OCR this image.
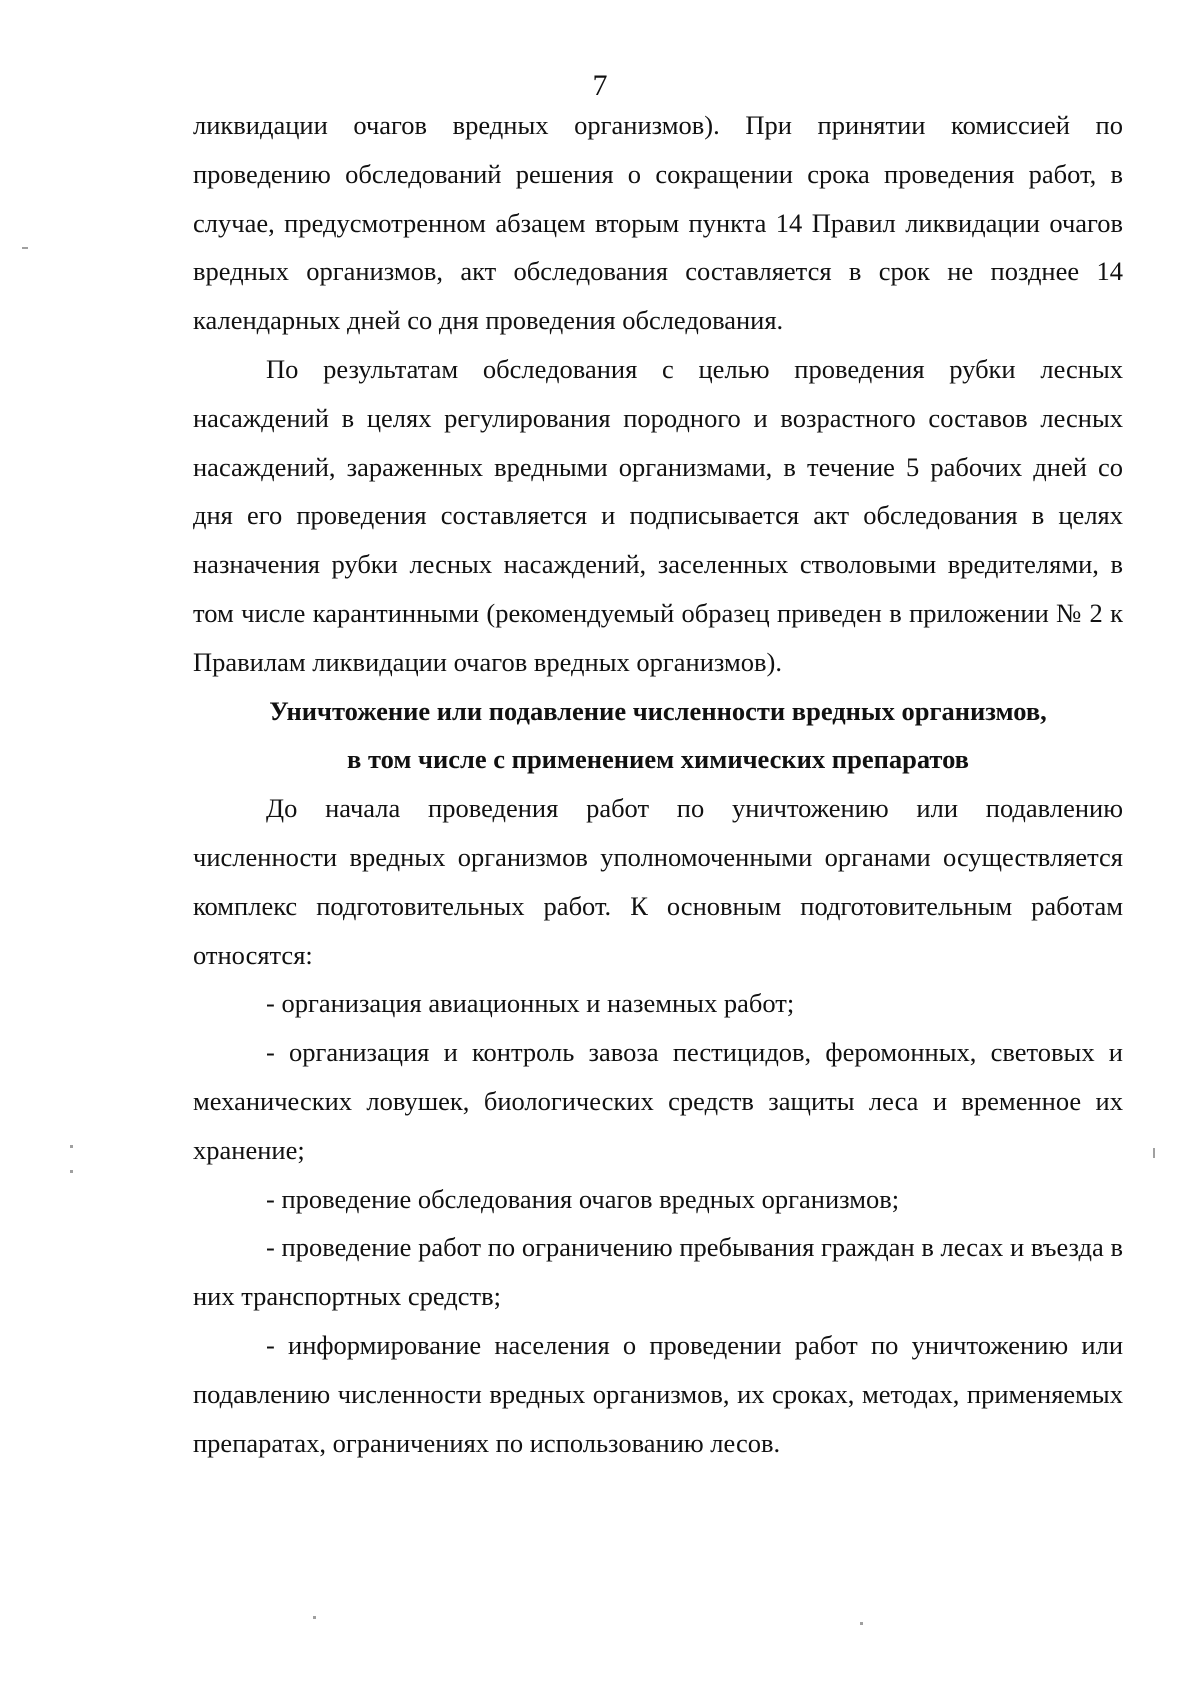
7

ликвидации очагов вредных организмов). При принятии комиссией по проведению обследований решения о сокращении срока проведения работ, в случае, предусмотренном абзацем вторым пункта 14 Правил ликвидации очагов вредных организмов, акт обследования составляется в срок не позднее 14 календарных дней со дня проведения обследования.

По результатам обследования с целью проведения рубки лесных насаждений в целях регулирования породного и возрастного составов лесных насаждений, зараженных вредными организмами, в течение 5 рабочих дней со дня его проведения составляется и подписывается акт обследования в целях назначения рубки лесных насаждений, заселенных стволовыми вредителями, в том числе карантинными (рекомендуемый образец приведен в приложении № 2 к Правилам ликвидации очагов вредных организмов).

Уничтожение или подавление численности вредных организмов,

в том числе с применением химических препаратов

До начала проведения работ по уничтожению или подавлению численности вредных организмов уполномоченными органами осуществляется комплекс подготовительных работ. К основным подготовительным работам относятся:

- организация авиационных и наземных работ;

- организация и контроль завоза пестицидов, феромонных, световых и механических ловушек, биологических средств защиты леса и временное их хранение;

- проведение обследования очагов вредных организмов;

- проведение работ по ограничению пребывания граждан в лесах и въезда в них транспортных средств;

- информирование населения о проведении работ по уничтожению или подавлению численности вредных организмов, их сроках, методах, применяемых препаратах, ограничениях по использованию лесов.
